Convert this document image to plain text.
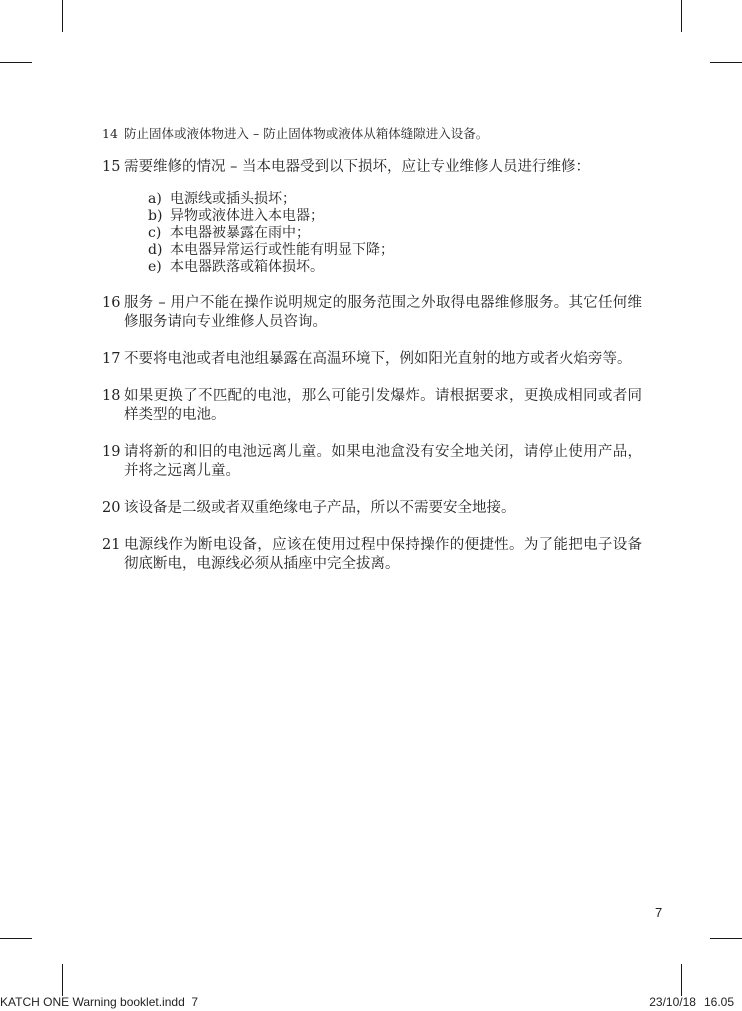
14 防止固体或液体物进入 – 防止固体物或液体从箱体缝隙进入设备。
15 需要维修的情况 – 当本电器受到以下损坏，应让专业维修人员进行维修：
a) 电源线或插头损坏；
b) 异物或液体进入本电器；
c) 本电器被暴露在雨中；
d) 本电器异常运行或性能有明显下降；
e) 本电器跌落或箱体损坏。
16 服务 – 用户不能在操作说明规定的服务范围之外取得电器维修服务。其它任何维修服务请向专业维修人员咨询。
17 不要将电池或者电池组暴露在高温环境下，例如阳光直射的地方或者火焰旁等。
18 如果更换了不匹配的电池，那么可能引发爆炸。请根据要求，更换成相同或者同样类型的电池。
19 请将新的和旧的电池远离儿童。如果电池盒没有安全地关闭，请停止使用产品，并将之远离儿童。
20 该设备是二级或者双重绝缘电子产品，所以不需要安全地接。
21 电源线作为断电设备，应该在使用过程中保持操作的便捷性。为了能把电子设备彻底断电，电源线必须从插座中完全拔离。
7
KATCH ONE Warning booklet.indd 7	23/10/18 16.05
